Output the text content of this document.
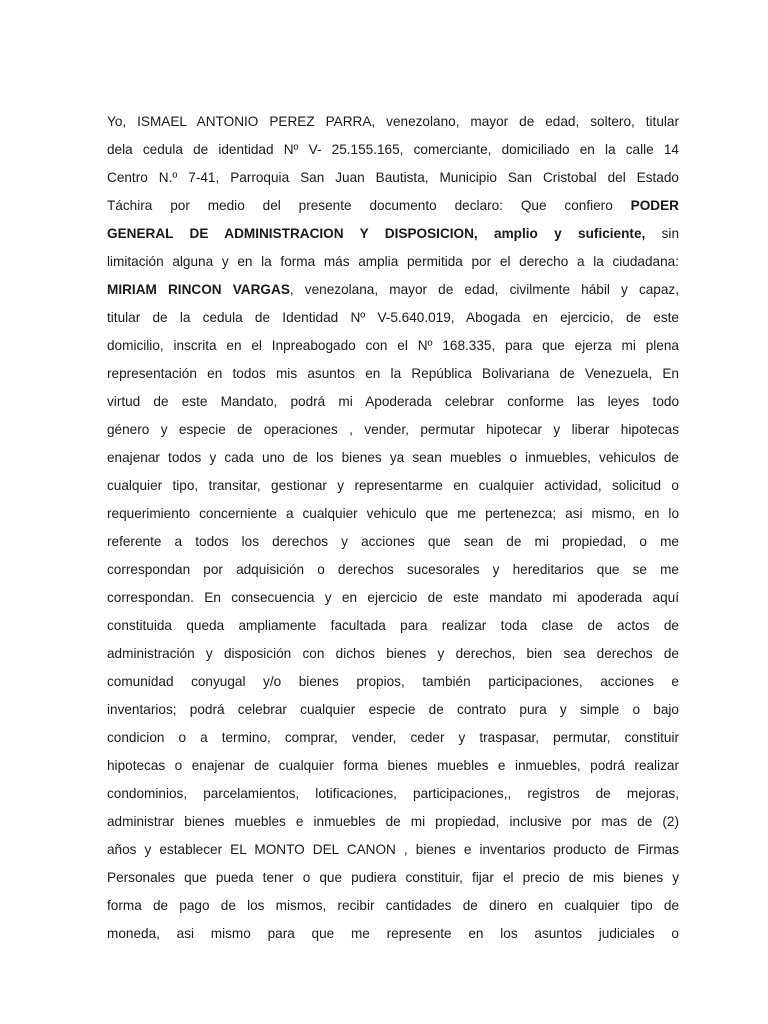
Yo, ISMAEL ANTONIO PEREZ PARRA, venezolano, mayor de edad, soltero, titular
dela cedula de identidad Nº V- 25.155.165, comerciante, domiciliado en la calle 14
Centro N.º 7-41, Parroquia San Juan Bautista, Municipio San Cristobal del Estado
Táchira por medio del presente documento declaro: Que confiero PODER
GENERAL DE ADMINISTRACION Y DISPOSICION, amplio y suficiente, sin
limitación alguna y en la forma más amplia permitida por el derecho a la ciudadana:
MIRIAM RINCON VARGAS, venezolana, mayor de edad, civilmente hábil y capaz,
titular de la cedula de Identidad Nº V-5.640.019, Abogada en ejercicio, de este
domicilio, inscrita en el Inpreabogado con el Nº 168.335, para que ejerza mi plena
representación en todos mis asuntos en la República Bolivariana de Venezuela, En
virtud de este Mandato, podrá mi Apoderada celebrar conforme las leyes todo
género y especie de operaciones , vender, permutar hipotecar y liberar hipotecas
enajenar todos y cada uno de los bienes ya sean muebles o inmuebles, vehiculos de
cualquier tipo, transitar, gestionar y representarme en cualquier actividad, solicitud o
requerimiento concerniente a cualquier vehiculo que me pertenezca; asi mismo, en lo
referente a todos los derechos y acciones que sean de mi propiedad, o me
correspondan por adquisición o derechos sucesorales y hereditarios que se me
correspondan. En consecuencia y en ejercicio de este mandato mi apoderada aquí
constituida queda ampliamente facultada para realizar toda clase de actos de
administración y disposición con dichos bienes y derechos, bien sea derechos de
comunidad conyugal y/o bienes propios, también participaciones, acciones e
inventarios; podrá celebrar cualquier especie de contrato pura y simple o bajo
condicion o a termino, comprar, vender, ceder y traspasar, permutar, constituir
hipotecas o enajenar de cualquier forma bienes muebles e inmuebles, podrá realizar
condominios, parcelamientos, lotificaciones, participaciones,, registros de mejoras,
administrar bienes muebles e inmuebles de mi propiedad, inclusive por mas de (2)
años y establecer EL MONTO DEL CANON , bienes e inventarios producto de Firmas
Personales que pueda tener o que pudiera constituir, fijar el precio de mis bienes y
forma de pago de los mismos, recibir cantidades de dinero en cualquier tipo de
moneda, asi mismo para que me represente en los asuntos judiciales o
